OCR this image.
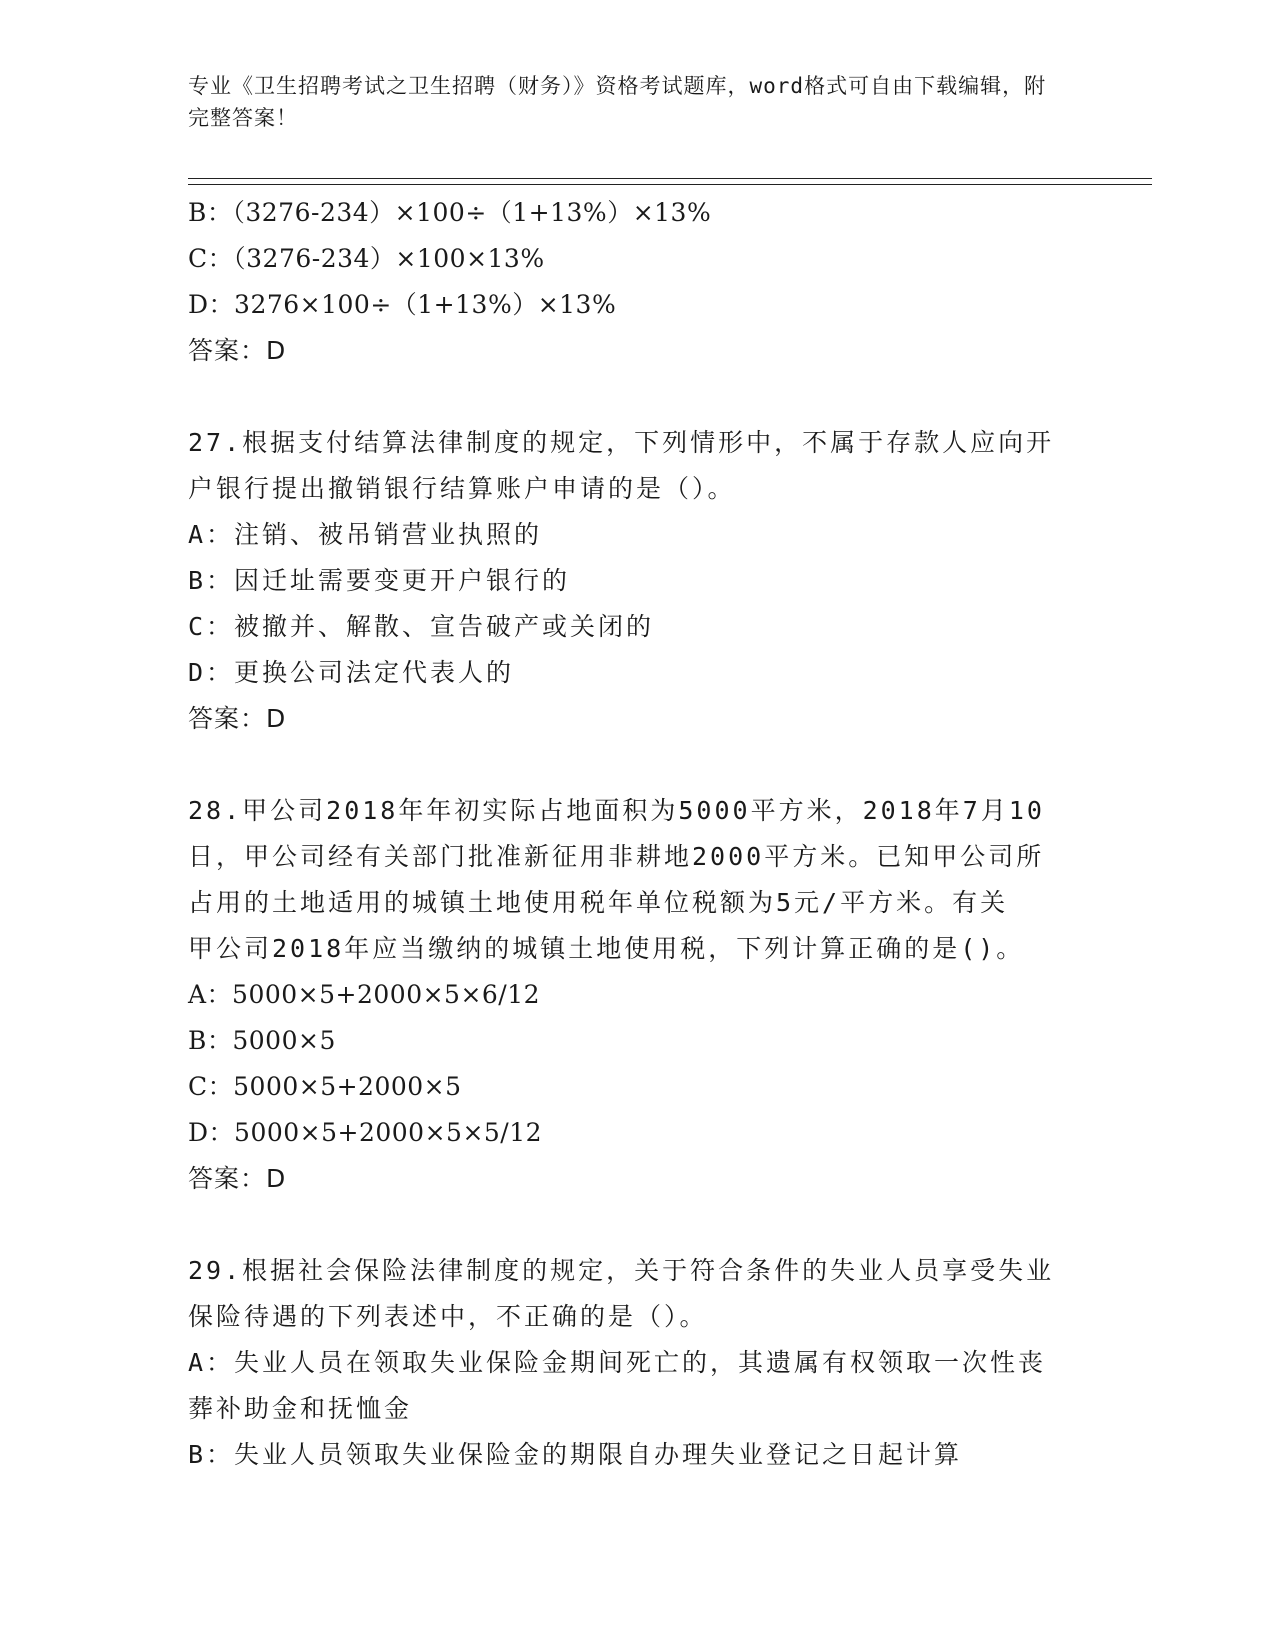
专业《卫生招聘考试之卫生招聘（财务）》资格考试题库，word格式可自由下载编辑，附完整答案！
B：（3276-234）×100÷（1+13%）×13%
C：（3276-234）×100×13%
D：3276×100÷（1+13%）×13%
答案：D
27.根据支付结算法律制度的规定，下列情形中，不属于存款人应向开
户银行提出撤销银行结算账户申请的是（）。
A：注销、被吊销营业执照的
B：因迁址需要变更开户银行的
C：被撤并、解散、宣告破产或关闭的
D：更换公司法定代表人的
答案：D
28.甲公司2018年年初实际占地面积为5000平方米，2018年7月10
日，甲公司经有关部门批准新征用非耕地2000平方米。已知甲公司所
占用的土地适用的城镇土地使用税年单位税额为5元/平方米。有关
甲公司2018年应当缴纳的城镇土地使用税，下列计算正确的是()。
A：5000×5+2000×5×6/12
B：5000×5
C：5000×5+2000×5
D：5000×5+2000×5×5/12
答案：D
29.根据社会保险法律制度的规定，关于符合条件的失业人员享受失业
保险待遇的下列表述中，不正确的是（）。
A：失业人员在领取失业保险金期间死亡的，其遗属有权领取一次性丧
葬补助金和抚恤金
B：失业人员领取失业保险金的期限自办理失业登记之日起计算
